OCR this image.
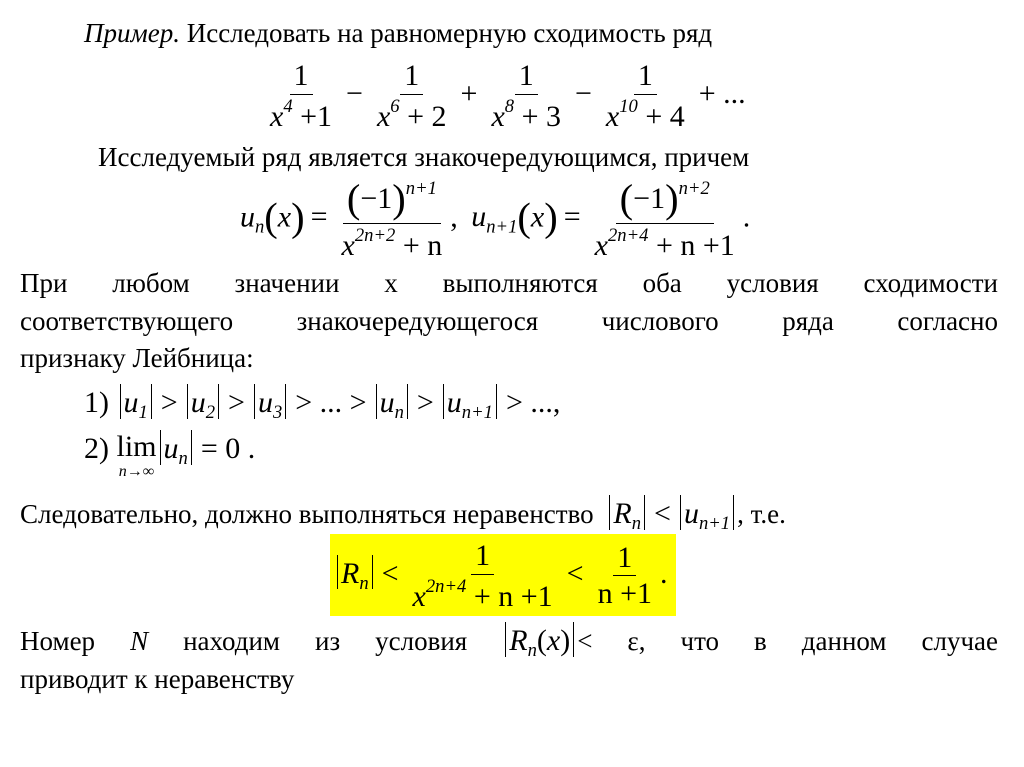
Пример. Исследовать на равномерную сходимость ряд
$\frac{1}{x^4 +1} - \frac{1}{x^6 + 2} + \frac{1}{x^8 + 3} - \frac{1}{x^{10} + 4}$ + ...
Исследуемый ряд является знакочередующимся, причем
$u_n(x) = \frac{(-1)^{n+1}}{x^{2n+2} + n}$ , $u_{n+1}(x) = \frac{(-1)^{n+2}}{x^{2n+4} + n +1}$ .
При любом значении x выполняются оба условия сходимости
соответствующего знакочередующегося числового ряда согласно
признаку Лейбница:
1) $u_1 > u_2 > u_3$ > ... > $u_n > u_{n+1}$ > ...,
2) lim
n→∞
$u_n = 0$ .
Следовательно, должно выполняться неравенство $R_n < u_{n+1}$ , т.е.
$R_n < \frac{1}{x^{2n+4} + n +1} < \frac{1}{n +1}$ .
Номер N находим из условия $R_n(x) < \varepsilon$, что в данном случае
приводит к неравенству
